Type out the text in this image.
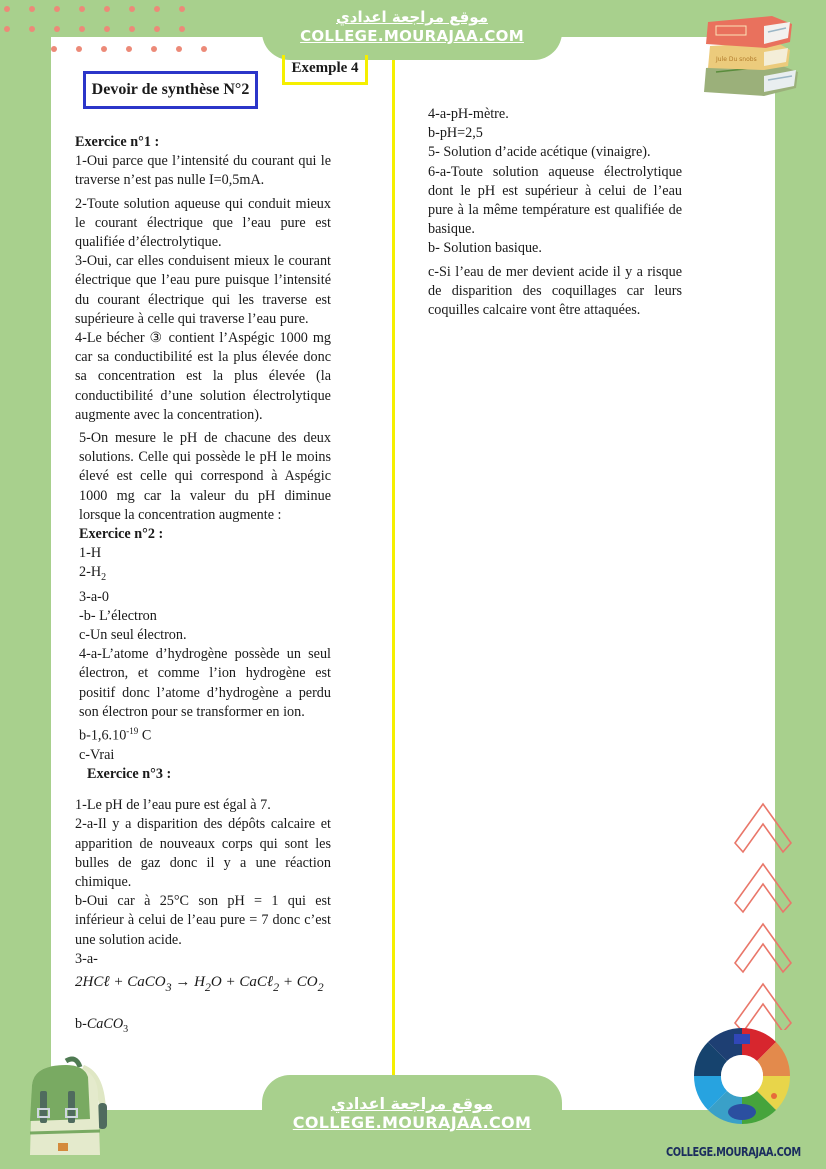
موقع مراجعة اعدادي
COLLEGE.MOURAJAA.COM
Jule Du snobs
Devoir de synthèse N°2
Exemple 4

Exercice n°1 :

1-Oui parce que l’intensité du courant qui le traverse n’est pas nulle I=0,5mA.

2-Toute solution aqueuse qui conduit mieux le courant électrique que l’eau pure est qualifiée d’électrolytique.

3-Oui, car elles conduisent mieux le courant électrique que l’eau pure puisque l’intensité du courant électrique qui les traverse est supérieure à celle qui traverse l’eau pure.

4-Le bécher ③ contient l’Aspégic 1000 mg car sa conductibilité est la plus élevée donc sa concentration est la plus élevée (la conductibilité d’une solution électrolytique augmente avec la concentration).

5-On mesure le pH de chacune des deux solutions. Celle qui possède le pH le moins élevé est celle qui correspond à Aspégic 1000 mg car la valeur du pH diminue lorsque la concentration augmente :

Exercice n°2 :

1-H

$2-H_2$

3-a-0

-b- L’électron

c-Un seul électron.

4-a-L’atome d’hydrogène possède un seul électron, et comme l’ion hydrogène est positif donc l’atome d’hydrogène a perdu son électron pour se transformer en ion.

$b-1,6.10^{-19}$ C

c-Vrai

Exercice n°3 :

1-Le pH de l’eau pure est égal à 7.

2-a-Il y a disparition des dépôts calcaire et apparition de nouveaux corps qui sont les bulles de gaz donc il y a une réaction chimique.

b-Oui car à 25°C son pH = 1 qui est inférieur à celui de l’eau pure = 7 donc c’est une solution acide.

3-a-

2HCℓ + CaCO$_3$ → $H_2O$ + CaCℓ$_2$ + $CO_2$

b-CaCO$_3$

4-a-pH-mètre.

b-pH=2,5

5- Solution d’acide acétique (vinaigre).

6-a-Toute solution aqueuse électrolytique dont le pH est supérieur à celui de l’eau pure à la même température est qualifiée de basique.

b- Solution basique.

c-Si l’eau de mer devient acide il y a risque de disparition des coquillages car leurs coquilles calcaire vont être attaquées.

COLLEGE.MOURAJAA.COM
موقع مراجعة اعدادي
COLLEGE.MOURAJAA.COM
